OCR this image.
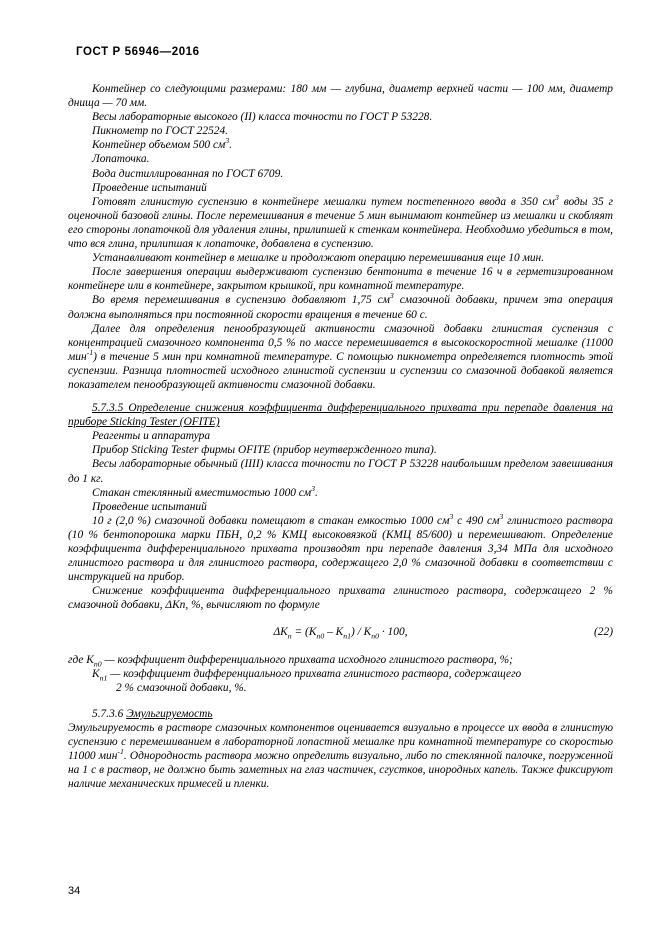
ГОСТ Р 56946—2016

Контейнер со следующими размерами: 180 мм — глубина, диаметр верхней части — 100 мм, диаметр днища — 70 мм.

Весы лабораторные высокого (II) класса точности по ГОСТ Р 53228.

Пикнометр по ГОСТ 22524.

Контейнер объемом 500 $см^3$.

Лопаточка.

Вода дистиллированная по ГОСТ 6709.

Проведение испытаний

Готовят глинистую суспензию в контейнере мешалки путем постепенного ввода в 350 $см^3$ воды 35 г оценочной базовой глины. После перемешивания в течение 5 мин вынимают контейнер из мешалки и скобляят его стороны лопаточкой для удаления глины, прилипшей к стенкам контейнера. Необходимо убедиться в том, что вся глина, прилипшая к лопаточке, добавлена в суспензию.

Устанавливают контейнер в мешалке и продолжают операцию перемешивания еще 10 мин.

После завершения операции выдерживают суспензию бентонита в течение 16 ч в герметизированном контейнере или в контейнере, закрытом крышкой, при комнатной температуре.

Во время перемешивания в суспензию добавляют 1,75 $см^3$ смазочной добавки, причем эта операция должна выполняться при постоянной скорости вращения в течение 60 с.

Далее для определения пенообразующей активности смазочной добавки глинистая суспензия с концентрацией смазочного компонента 0,5 % по массе перемешивается в высокоскоростной мешалке (11000 мин$^{-1}$) в течение 5 мин при комнатной температуре. С помощью пикнометра определяется плотность этой суспензии. Разница плотностей исходного глинистой суспензии и суспензии со смазочной добавкой является показателем пенообразующей активности смазочной добавки.

5.7.3.5 Определение снижения коэффициента дифференциального прихвата при перепаде давления на приборе Sticking Tester (OFITE)

Реагенты и аппаратура

Прибор Sticking Tester фирмы OFITE (прибор неутвержденного типа).

Весы лабораторные обычный (IIII) класса точности по ГОСТ Р 53228 наибольшим пределом завешивания до 1 кг.

Стакан стеклянный вместимостью 1000 $см^3$.

Проведение испытаний

10 г (2,0 %) смазочной добавки помещают в стакан емкостью 1000 $см^3$ с 490 $см^3$ глинистого раствора (10 % бентопорошка марки ПБН, 0,2 % КМЦ высоковязкой (КМЦ 85/600) и перемешивают. Определение коэффициента дифференциального прихвата производят при перепаде давления 3,34 МПа для исходного глинистого раствора и для глинистого раствора, содержащего 2,0 % смазочной добавки в соответствии с инструкцией на прибор.

Снижение коэффициента дифференциального прихвата глинистого раствора, содержащего 2 % смазочной добавки, ΔКп, %, вычисляют по формуле

$\Delta К_п = (К_{п0} - К_{п1}) / К_{п0} \cdot 100$,	(22)
где $К_{п0}$ — коэффициент дифференциального прихвата исходного глинистого раствора, %;
$К_{п1}$ — коэффициент дифференциального прихвата глинистого раствора, содержащего
2 % смазочной добавки, %.

5.7.3.6 Эмульгируемость

Эмульгируемость в растворе смазочных компонентов оценивается визуально в процессе их ввода в глинистую суспензию с перемешиванием в лабораторной лопастной мешалке при комнатной температуре со скоростью 11000 мин$^{-1}$. Однородность раствора можно определить визуально, либо по стеклянной палочке, погруженной на 1 с в раствор, не должно быть заметных на глаз частичек, сгустков, инородных капель. Также фиксируют наличие механических примесей и пленки.

34
